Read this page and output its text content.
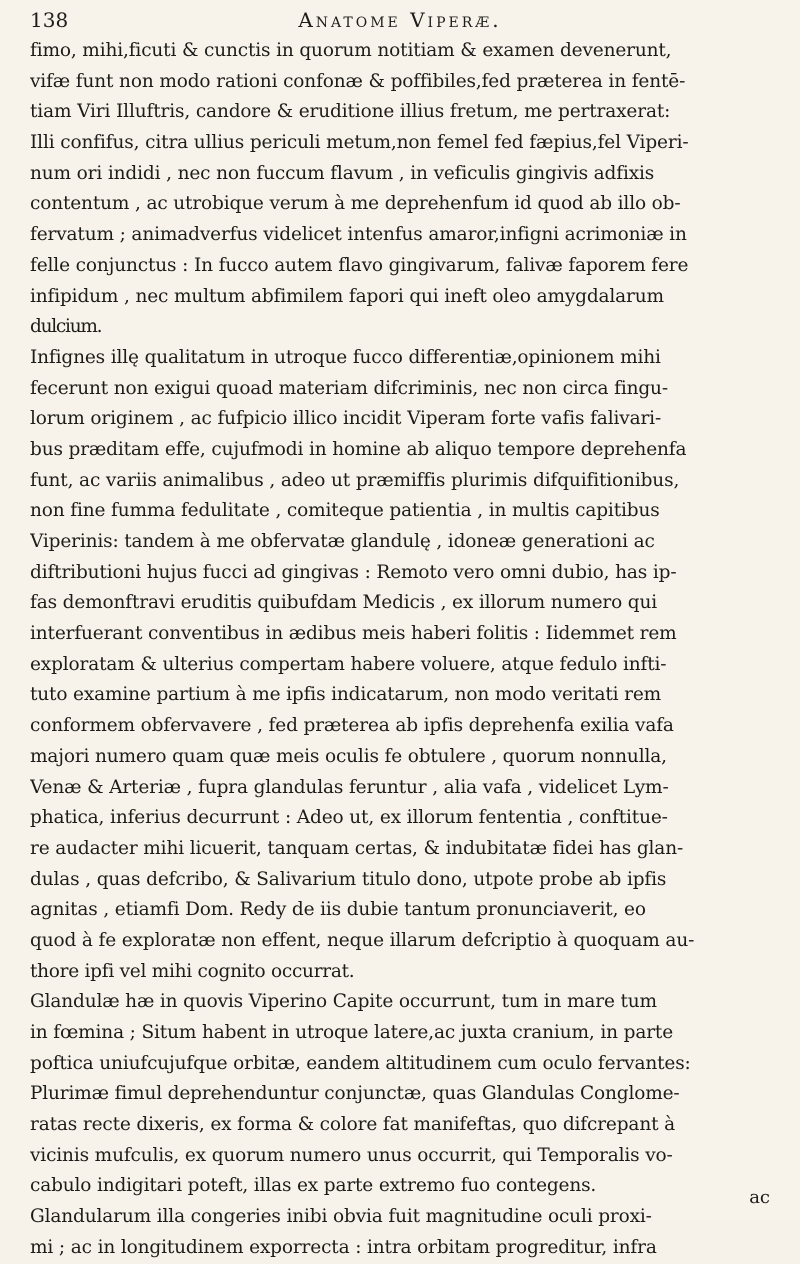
138	Anatome Viperæ.
fimo, mihi,ficuti & cunctis in quorum notitiam & examen devenerunt,
vifæ funt non modo rationi confonæ & poffibiles,fed præterea in fentē-
tiam Viri Illuftris, candore & eruditione illius fretum, me pertraxerat:
Illi confifus, citra ullius periculi metum,non femel fed fæpius,fel Viperi-
num ori indidi , nec non fuccum flavum , in veficulis gingivis adfixis
contentum , ac utrobique verum à me deprehenfum id quod ab illo ob-
fervatum ; animadverfus videlicet intenfus amaror,infigni acrimoniæ in
felle conjunctus : In fucco autem flavo gingivarum, falivæ faporem fere
infipidum , nec multum abfimilem fapori qui ineft oleo amygdalarum
dulcium.
Infignes illę qualitatum in utroque fucco differentiæ,opinionem mihi
fecerunt non exigui quoad materiam difcriminis, nec non circa fingu-
lorum originem , ac fufpicio illico incidit Viperam forte vafis falivari-
bus præditam effe, cujufmodi in homine ab aliquo tempore deprehenfa
funt, ac variis animalibus , adeo ut præmiffis plurimis difquifitionibus,
non fine fumma fedulitate , comiteque patientia , in multis capitibus
Viperinis: tandem à me obfervatæ glandulę , idoneæ generationi ac
diftributioni hujus fucci ad gingivas : Remoto vero omni dubio, has ip-
fas demonftravi eruditis quibufdam Medicis , ex illorum numero qui
interfuerant conventibus in ædibus meis haberi folitis : Iidemmet rem
exploratam & ulterius compertam habere voluere, atque fedulo infti-
tuto examine partium à me ipfis indicatarum, non modo veritati rem
conformem obfervavere , fed præterea ab ipfis deprehenfa exilia vafa
majori numero quam quæ meis oculis fe obtulere , quorum nonnulla,
Venæ & Arteriæ , fupra glandulas feruntur , alia vafa , videlicet Lym-
phatica, inferius decurrunt : Adeo ut, ex illorum fententia , conftitue-
re audacter mihi licuerit, tanquam certas, & indubitatæ fidei has glan-
dulas , quas defcribo, & Salivarium titulo dono, utpote probe ab ipfis
agnitas , etiamfi Dom. Redy de iis dubie tantum pronunciaverit, eo
quod à fe exploratæ non effent, neque illarum defcriptio à quoquam au-
thore ipfi vel mihi cognito occurrat.
Glandulæ hæ in quovis Viperino Capite occurrunt, tum in mare tum
in fœmina ; Situm habent in utroque latere,ac juxta cranium, in parte
poftica uniufcujufque orbitæ, eandem altitudinem cum oculo fervantes:
Plurimæ fimul deprehenduntur conjunctæ, quas Glandulas Conglome-
ratas recte dixeris, ex forma & colore fat manifeftas, quo difcrepant à
vicinis mufculis, ex quorum numero unus occurrit, qui Temporalis vo-
cabulo indigitari poteft, illas ex parte extremo fuo contegens.
Glandularum illa congeries inibi obvia fuit magnitudine oculi proxi-
mi ; ac in longitudinem exporrecta : intra orbitam progreditur, infra
ac
